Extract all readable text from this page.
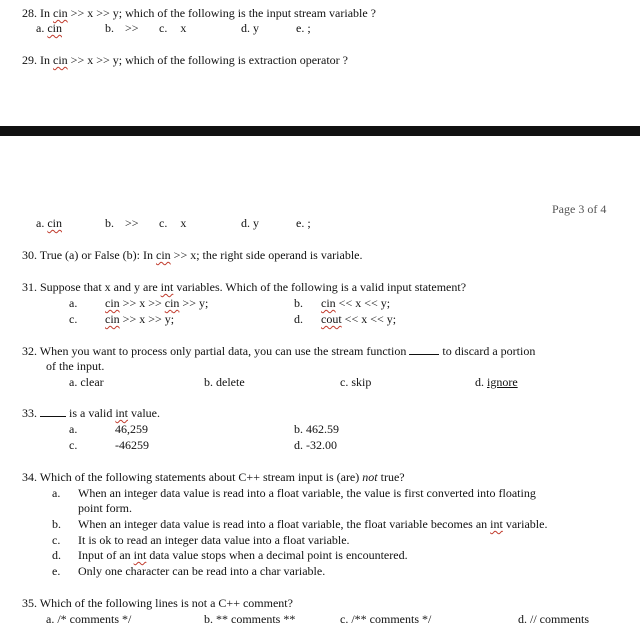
28. In cin >> x >> y; which of the following is the input stream variable ?
a. cin	b. >> c. x	d. y	e. ;
29. In cin >> x >> y; which of the following is extraction operator ?
Page 3 of 4
a. cin	b. >> c. x	d. y	e. ;
30. True (a) or False (b): In cin >> x; the right side operand is variable.
31. Suppose that x and y are int variables. Which of the following is a valid input statement?
a. cin >> x >> cin >> y;	b. cin << x << y;
c. cin >> x >> y;	d. cout << x << y;
32. When you want to process only partial data, you can use the stream function	to discard a portion
of the input.
a. clear	b. delete	c. skip	d. ignore
33.	is a valid int value.
a.	46,259	b. 462.59
c.	-46259	d. -32.00
34. Which of the following statements about C++ stream input is (are) not true?
a. When an integer data value is read into a float variable, the value is first converted into floating
point form.
b. When an integer data value is read into a float variable, the float variable becomes an int variable.
c. It is ok to read an integer data value into a float variable.
d. Input of an int data value stops when a decimal point is encountered.
e. Only one character can be read into a char variable.
35. Which of the following lines is not a C++ comment?
a. /* comments */	b. ** comments **	c. /** comments */	d. // comments
